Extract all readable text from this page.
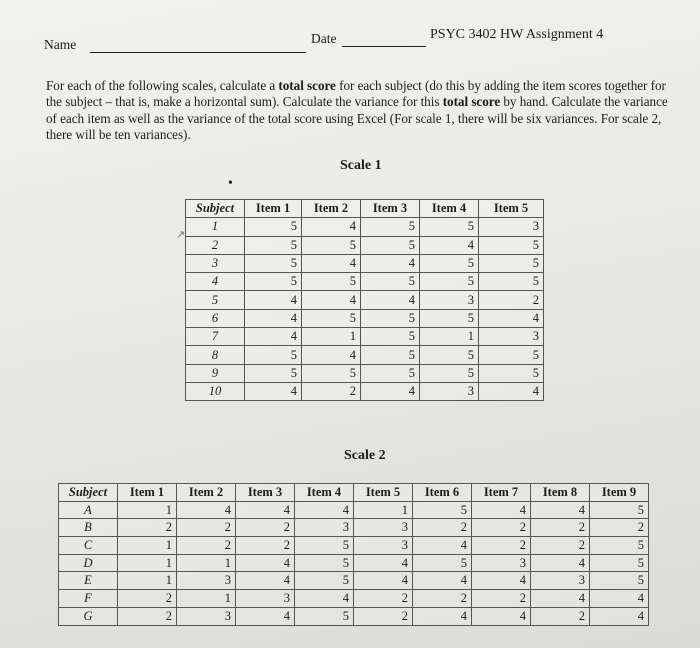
Name	Date	PSYC 3402 HW Assignment 4
For each of the following scales, calculate a total score for each subject (do this by adding the item scores together for the subject – that is, make a horizontal sum). Calculate the variance for this total score by hand. Calculate the variance of each item as well as the variance of the total score using Excel (For scale 1, there will be six variances. For scale 2, there will be ten variances).
Scale 1
•
↗
Subject	Item 1	Item 2	Item 3	Item 4	Item 5
1	5	4	5	5	3
2	5	5	5	4	5
3	5	4	4	5	5
4	5	5	5	5	5
5	4	4	4	3	2
6	4	5	5	5	4
7	4	1	5	1	3
8	5	4	5	5	5
9	5	5	5	5	5
10	4	2	4	3	4
Scale 2
Subject	Item 1	Item 2	Item 3	Item 4	Item 5	Item 6	Item 7	Item 8	Item 9
A	1	4	4	4	1	5	4	4	5
B	2	2	2	3	3	2	2	2	2
C	1	2	2	5	3	4	2	2	5
D	1	1	4	5	4	5	3	4	5
E	1	3	4	5	4	4	4	3	5
F	2	1	3	4	2	2	2	4	4
G	2	3	4	5	2	4	4	2	4
